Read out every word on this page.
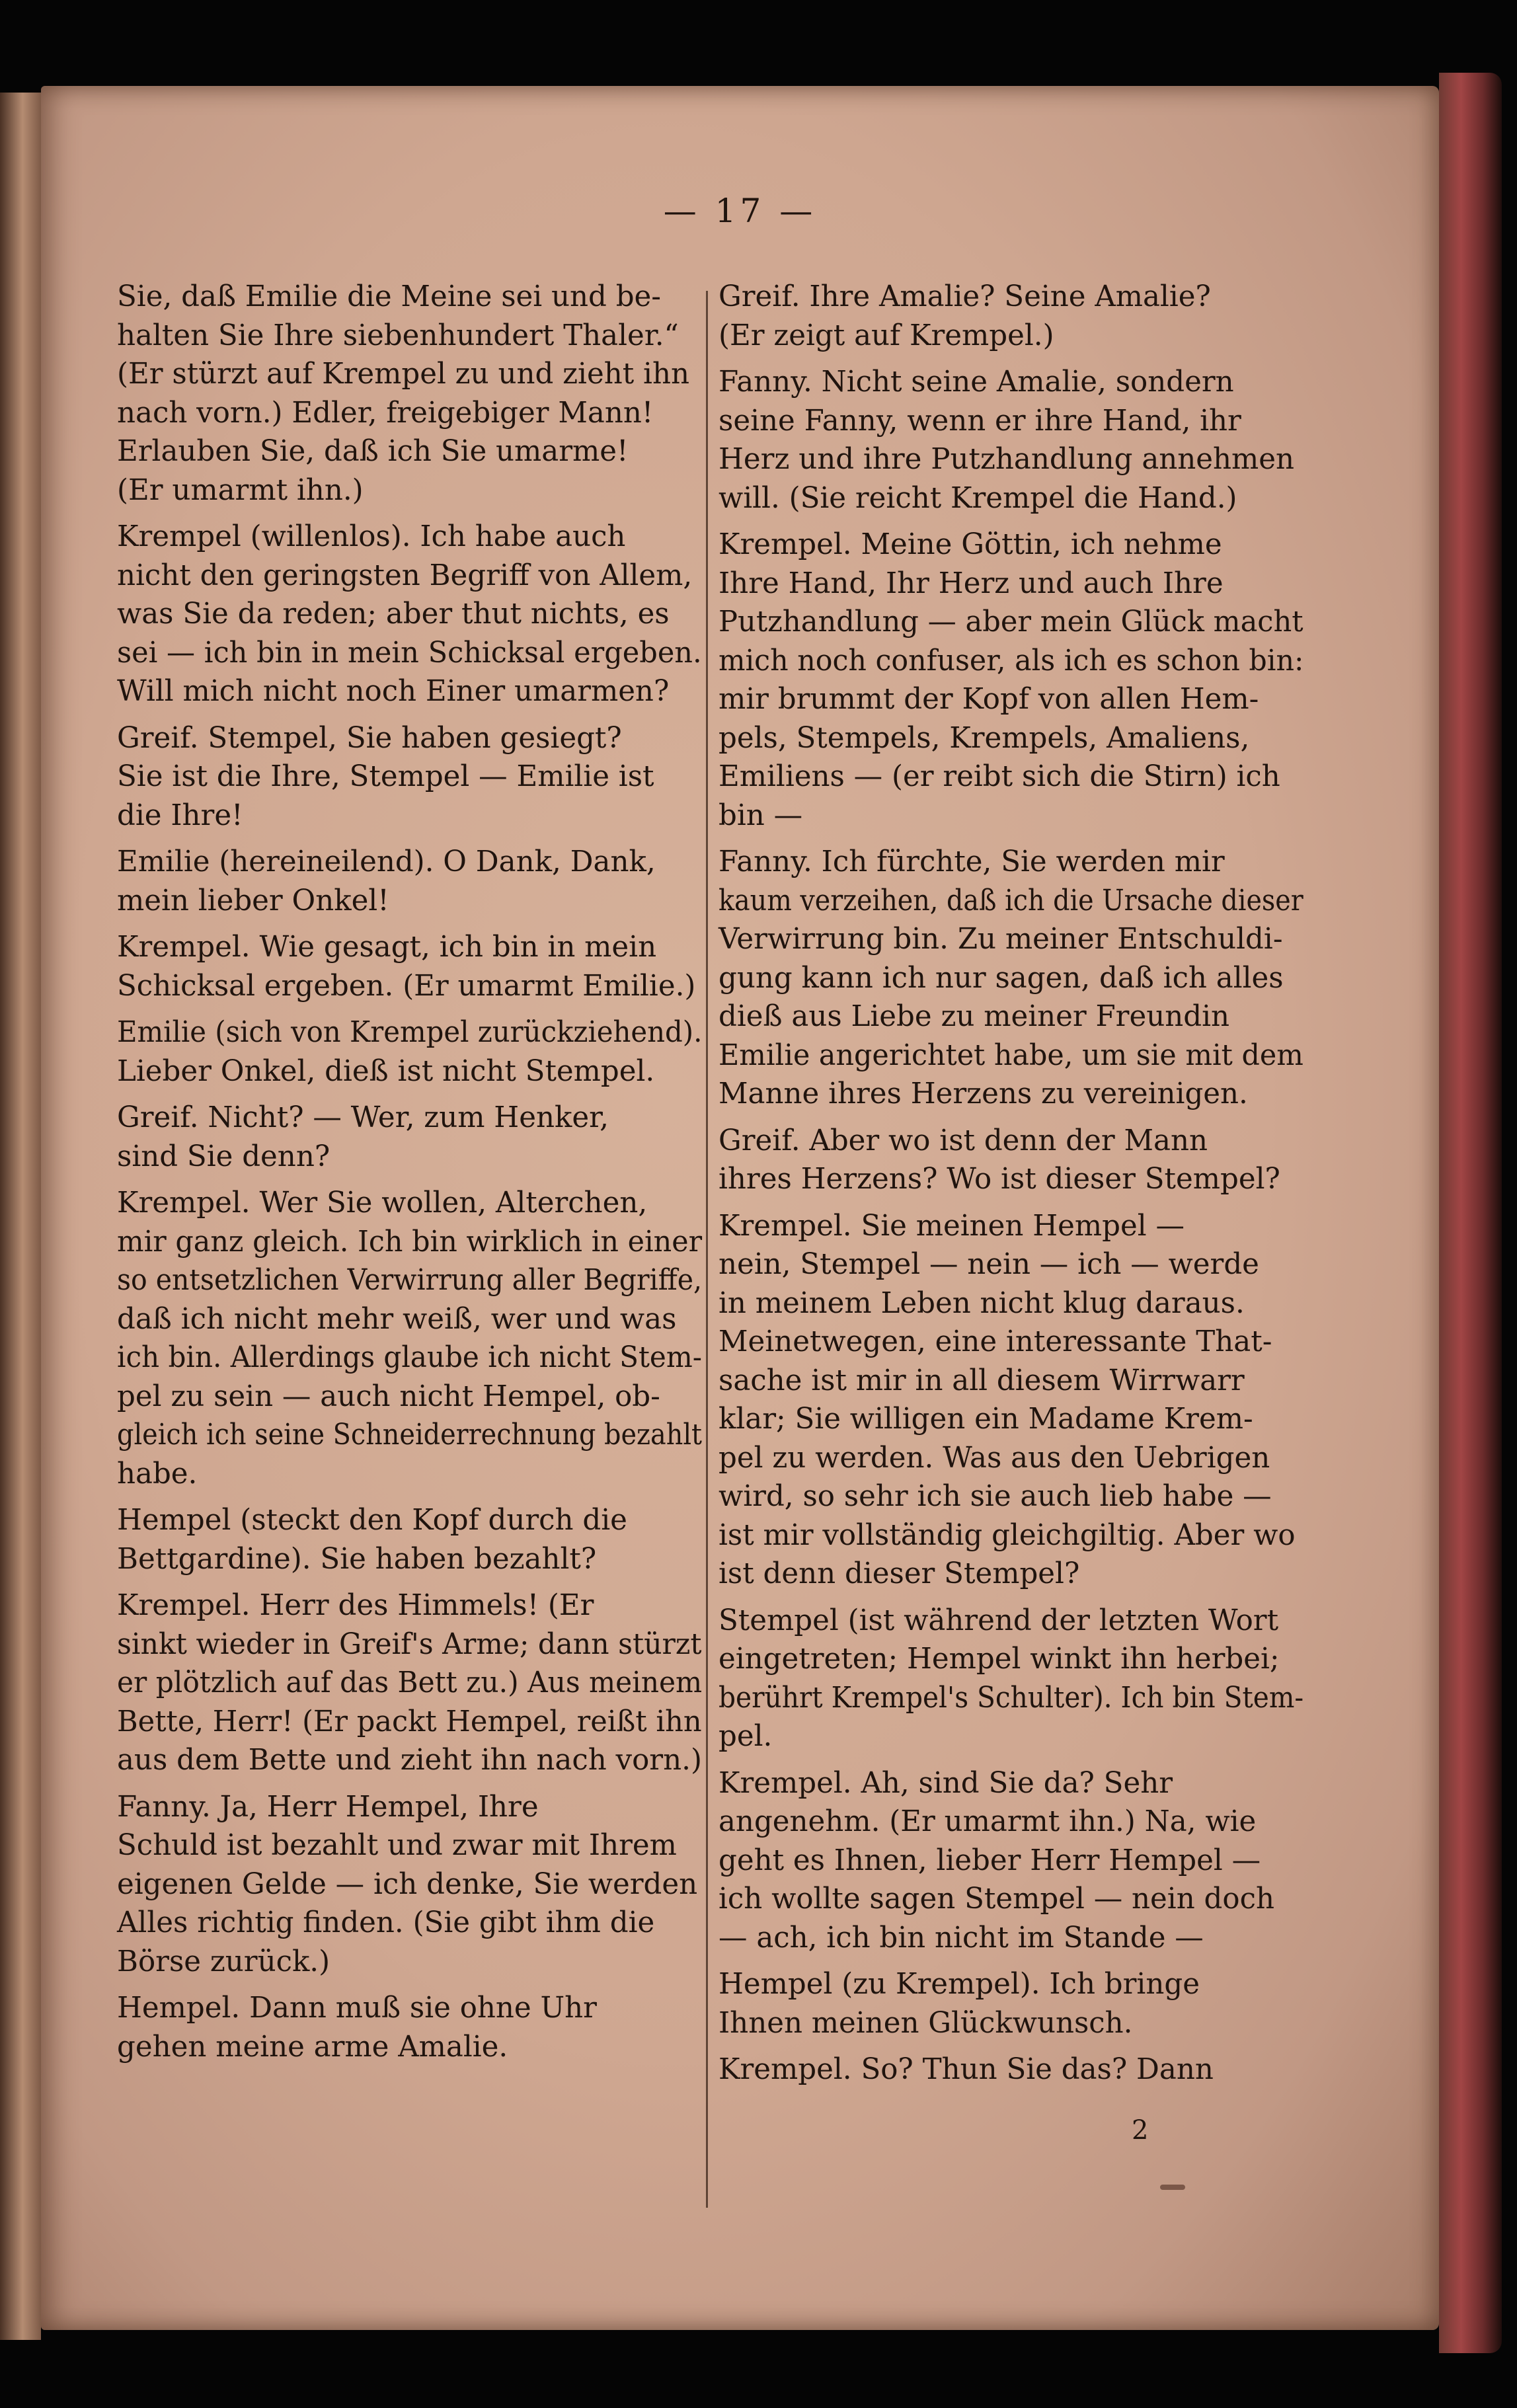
— 17 —
Sie, daß Emilie die Meine sei und be-
halten Sie Ihre siebenhundert Thaler.“
(Er stürzt auf Krempel zu und zieht ihn
nach vorn.) Edler, freigebiger Mann!
Erlauben Sie, daß ich Sie umarme!
(Er umarmt ihn.)
Krempel (willenlos). Ich habe auch
nicht den geringsten Begriff von Allem,
was Sie da reden; aber thut nichts, es
sei — ich bin in mein Schicksal ergeben.
Will mich nicht noch Einer umarmen?
Greif. Stempel, Sie haben gesiegt?
Sie ist die Ihre, Stempel — Emilie ist
die Ihre!
Emilie (hereineilend). O Dank, Dank,
mein lieber Onkel!
Krempel. Wie gesagt, ich bin in mein
Schicksal ergeben. (Er umarmt Emilie.)
Emilie (sich von Krempel zurückziehend).
Lieber Onkel, dieß ist nicht Stempel.
Greif. Nicht? — Wer, zum Henker,
sind Sie denn?
Krempel. Wer Sie wollen, Alterchen,
mir ganz gleich. Ich bin wirklich in einer
so entsetzlichen Verwirrung aller Begriffe,
daß ich nicht mehr weiß, wer und was
ich bin. Allerdings glaube ich nicht Stem-
pel zu sein — auch nicht Hempel, ob-
gleich ich seine Schneiderrechnung bezahlt
habe.
Hempel (steckt den Kopf durch die
Bettgardine). Sie haben bezahlt?
Krempel. Herr des Himmels! (Er
sinkt wieder in Greif's Arme; dann stürzt
er plötzlich auf das Bett zu.) Aus meinem
Bette, Herr! (Er packt Hempel, reißt ihn
aus dem Bette und zieht ihn nach vorn.)
Fanny. Ja, Herr Hempel, Ihre
Schuld ist bezahlt und zwar mit Ihrem
eigenen Gelde — ich denke, Sie werden
Alles richtig finden. (Sie gibt ihm die
Börse zurück.)
Hempel. Dann muß sie ohne Uhr
gehen meine arme Amalie.
Greif. Ihre Amalie? Seine Amalie?
(Er zeigt auf Krempel.)
Fanny. Nicht seine Amalie, sondern
seine Fanny, wenn er ihre Hand, ihr
Herz und ihre Putzhandlung annehmen
will. (Sie reicht Krempel die Hand.)
Krempel. Meine Göttin, ich nehme
Ihre Hand, Ihr Herz und auch Ihre
Putzhandlung — aber mein Glück macht
mich noch confuser, als ich es schon bin:
mir brummt der Kopf von allen Hem-
pels, Stempels, Krempels, Amaliens,
Emiliens — (er reibt sich die Stirn) ich
bin —
Fanny. Ich fürchte, Sie werden mir
kaum verzeihen, daß ich die Ursache dieser
Verwirrung bin. Zu meiner Entschuldi-
gung kann ich nur sagen, daß ich alles
dieß aus Liebe zu meiner Freundin
Emilie angerichtet habe, um sie mit dem
Manne ihres Herzens zu vereinigen.
Greif. Aber wo ist denn der Mann
ihres Herzens? Wo ist dieser Stempel?
Krempel. Sie meinen Hempel —
nein, Stempel — nein — ich — werde
in meinem Leben nicht klug daraus.
Meinetwegen, eine interessante That-
sache ist mir in all diesem Wirrwarr
klar; Sie willigen ein Madame Krem-
pel zu werden. Was aus den Uebrigen
wird, so sehr ich sie auch lieb habe —
ist mir vollständig gleichgiltig. Aber wo
ist denn dieser Stempel?
Stempel (ist während der letzten Wort
eingetreten; Hempel winkt ihn herbei;
berührt Krempel's Schulter). Ich bin Stem-
pel.
Krempel. Ah, sind Sie da? Sehr
angenehm. (Er umarmt ihn.) Na, wie
geht es Ihnen, lieber Herr Hempel —
ich wollte sagen Stempel — nein doch
— ach, ich bin nicht im Stande —
Hempel (zu Krempel). Ich bringe
Ihnen meinen Glückwunsch.
Krempel. So? Thun Sie das? Dann
2
